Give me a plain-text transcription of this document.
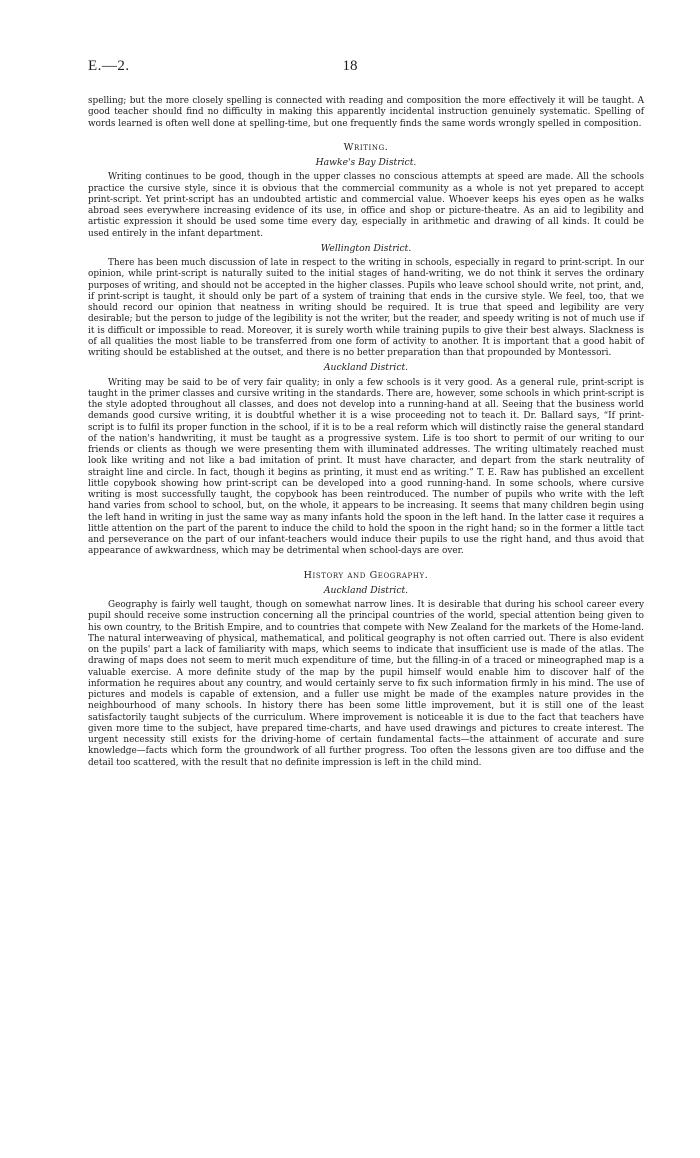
E.—2.	18

spelling; but the more closely spelling is connected with reading and composition the more effectively it will be taught. A good teacher should find no difficulty in making this apparently incidental instruction genuinely systematic. Spelling of words learned is often well done at spelling-time, but one frequently finds the same words wrongly spelled in composition.

Writing.
Hawke's Bay District.

Writing continues to be good, though in the upper classes no conscious attempts at speed are made. All the schools practice the cursive style, since it is obvious that the commercial community as a whole is not yet prepared to accept print-script. Yet print-script has an undoubted artistic and commercial value. Whoever keeps his eyes open as he walks abroad sees everywhere increasing evidence of its use, in office and shop or picture-theatre. As an aid to legibility and artistic expression it should be used some time every day, especially in arithmetic and drawing of all kinds. It could be used entirely in the infant department.

Wellington District.

There has been much discussion of late in respect to the writing in schools, especially in regard to print-script. In our opinion, while print-script is naturally suited to the initial stages of hand-writing, we do not think it serves the ordinary purposes of writing, and should not be accepted in the higher classes. Pupils who leave school should write, not print, and, if print-script is taught, it should only be part of a system of training that ends in the cursive style. We feel, too, that we should record our opinion that neatness in writing should be required. It is true that speed and legibility are very desirable; but the person to judge of the legibility is not the writer, but the reader, and speedy writing is not of much use if it is difficult or impossible to read. Moreover, it is surely worth while training pupils to give their best always. Slackness is of all qualities the most liable to be transferred from one form of activity to another. It is important that a good habit of writing should be established at the outset, and there is no better preparation than that propounded by Montessori.

Auckland District.

Writing may be said to be of very fair quality; in only a few schools is it very good. As a general rule, print-script is taught in the primer classes and cursive writing in the standards. There are, however, some schools in which print-script is the style adopted throughout all classes, and does not develop into a running-hand at all. Seeing that the business world demands good cursive writing, it is doubtful whether it is a wise proceeding not to teach it. Dr. Ballard says, “If print-script is to fulfil its proper function in the school, if it is to be a real reform which will distinctly raise the general standard of the nation's handwriting, it must be taught as a progressive system. Life is too short to permit of our writing to our friends or clients as though we were presenting them with illuminated addresses. The writing ultimately reached must look like writing and not like a bad imitation of print. It must have character, and depart from the stark neutrality of straight line and circle. In fact, though it begins as printing, it must end as writing.” T. E. Raw has published an excellent little copybook showing how print-script can be developed into a good running-hand. In some schools, where cursive writing is most successfully taught, the copybook has been reintroduced. The number of pupils who write with the left hand varies from school to school, but, on the whole, it appears to be increasing. It seems that many children begin using the left hand in writing in just the same way as many infants hold the spoon in the left hand. In the latter case it requires a little attention on the part of the parent to induce the child to hold the spoon in the right hand; so in the former a little tact and perseverance on the part of our infant-teachers would induce their pupils to use the right hand, and thus avoid that appearance of awkwardness, which may be detrimental when school-days are over.

History and Geography.
Auckland District.

Geography is fairly well taught, though on somewhat narrow lines. It is desirable that during his school career every pupil should receive some instruction concerning all the principal countries of the world, special attention being given to his own country, to the British Empire, and to countries that compete with New Zealand for the markets of the Home-land. The natural interweaving of physical, mathematical, and political geography is not often carried out. There is also evident on the pupils' part a lack of familiarity with maps, which seems to indicate that insufficient use is made of the atlas. The drawing of maps does not seem to merit much expenditure of time, but the filling-in of a traced or mineographed map is a valuable exercise. A more definite study of the map by the pupil himself would enable him to discover half of the information he requires about any country, and would certainly serve to fix such information firmly in his mind. The use of pictures and models is capable of extension, and a fuller use might be made of the examples nature provides in the neighbourhood of many schools. In history there has been some little improvement, but it is still one of the least satisfactorily taught subjects of the curriculum. Where improvement is noticeable it is due to the fact that teachers have given more time to the subject, have prepared time-charts, and have used drawings and pictures to create interest. The urgent necessity still exists for the driving-home of certain fundamental facts—the attainment of accurate and sure knowledge—facts which form the groundwork of all further progress. Too often the lessons given are too diffuse and the detail too scattered, with the result that no definite impression is left in the child mind.
